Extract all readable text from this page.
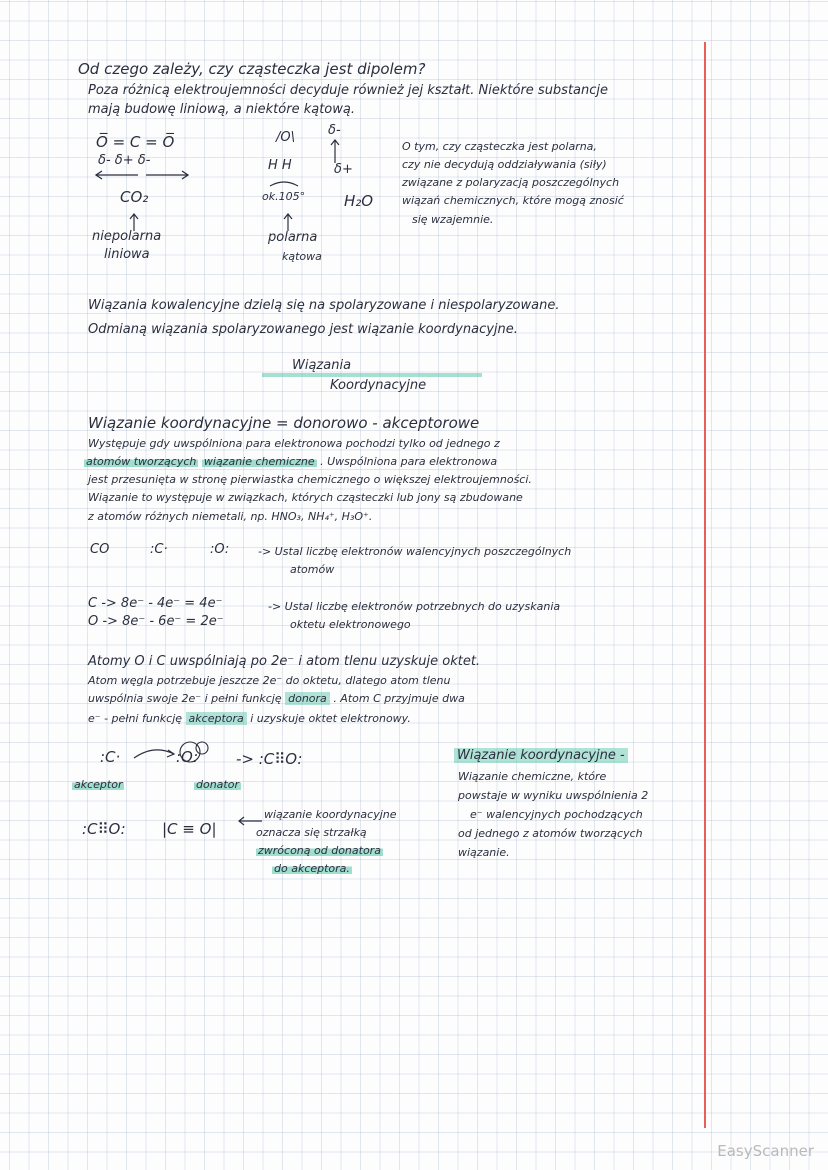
Od czego zależy, czy cząsteczka jest dipolem?
Poza różnicą elektroujemności decyduje również jej kształt. Niektóre substancje
mają budowę liniową, a niektóre kątową.
O̅ = C = O̅
δ- δ+ δ-
CO₂
niepolarna
liniowa
/O\	δ-
H H	δ+
ok.105°	H₂O
polarna
kątowa
O tym, czy cząsteczka jest polarna,
czy nie decydują oddziaływania (siły)
związane z polaryzacją poszczególnych
wiązań chemicznych, które mogą znosić
się wzajemnie.
Wiązania kowalencyjne dzielą się na spolaryzowane i niespolaryzowane.
Odmianą wiązania spolaryzowanego jest wiązanie koordynacyjne.
Wiązania
Koordynacyjne
Wiązanie koordynacyjne = donorowo - akceptorowe
Występuje gdy uwspólniona para elektronowa pochodzi tylko od jednego z
atomów tworzących wiązanie chemiczne . Uwspólniona para elektronowa
jest przesunięta w stronę pierwiastka chemicznego o większej elektroujemności.
Wiązanie to występuje w związkach, których cząsteczki lub jony są zbudowane
z atomów różnych niemetali, np. HNO₃, NH₄⁺, H₃O⁺.
CO	:C·	:O:	-> Ustal liczbę elektronów walencyjnych poszczególnych
atomów
C -> 8e⁻ - 4e⁻ = 4e⁻
O -> 8e⁻ - 6e⁻ = 2e⁻
-> Ustal liczbę elektronów potrzebnych do uzyskania
oktetu elektronowego
Atomy O i C uwspólniają po 2e⁻ i atom tlenu uzyskuje oktet.
Atom węgla potrzebuje jeszcze 2e⁻ do oktetu, dlatego atom tlenu
uwspólnia swoje 2e⁻ i pełni funkcję donora . Atom C przyjmuje dwa
e⁻ - pełni funkcję akceptora i uzyskuje oktet elektronowy.
:C·	:O:	-> :C⠿O:
akceptor	donator
:C⠿O: |C ≡ O|
wiązanie koordynacyjne
oznacza się strzałką
zwróconą od donatora
do akceptora.
Wiązanie koordynacyjne -
Wiązanie chemiczne, które
powstaje w wyniku uwspólnienia 2
e⁻ walencyjnych pochodzących
od jednego z atomów tworzących
wiązanie.
EasyScanner
